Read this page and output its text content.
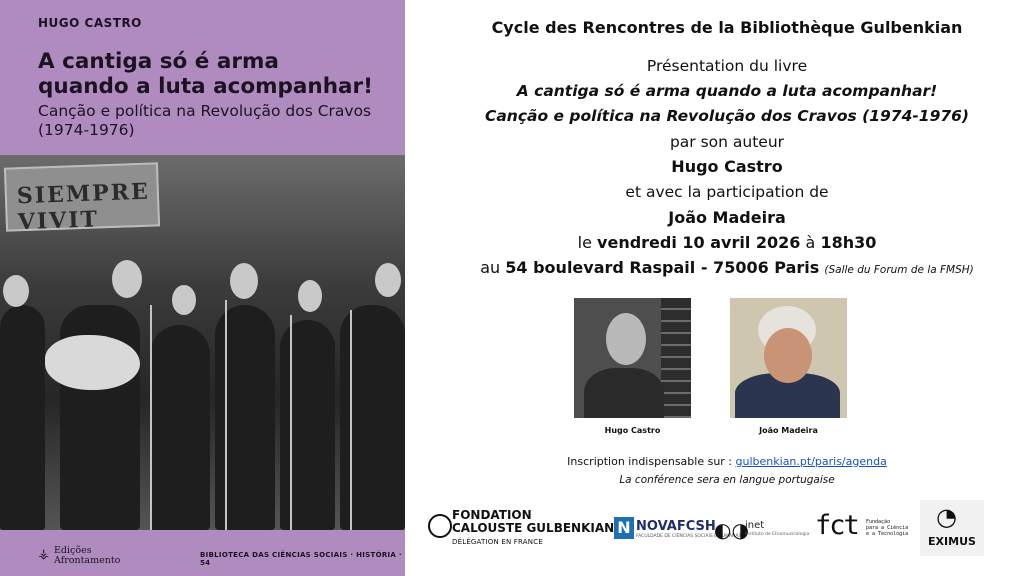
HUGO CASTRO
A cantiga só é arma
quando a luta acompanhar!
Canção e política na Revolução dos Cravos
(1974-1976)
SIEMPRE VIVIT
⚶ Edições
Afrontamento	BIBLIOTECA DAS CIÊNCIAS SOCIAIS · HISTÓRIA · 54
Cycle des Rencontres de la Bibliothèque Gulbenkian
Présentation du livre
A cantiga só é arma quando a luta acompanhar!
Canção e política na Revolução dos Cravos (1974-1976)
par son auteur
Hugo Castro
et avec la participation de
João Madeira
le vendredi 10 avril 2026 à 18h30
au 54 boulevard Raspail - 75006 Paris (Salle du Forum de la FMSH)
Hugo Castro	João Madeira
Inscription indispensable sur : gulbenkian.pt/paris/agenda
La conférence sera en langue portugaise
FONDATION
CALOUSTE GULBENKIAN
DÉLÉGATION EN FRANCE
N NOVAFCSH
FACULDADE DE CIÊNCIAS SOCIAIS E HUMANAS
◐◑
inet
Instituto de Etnomusicologia fct Fundação
para a Ciência
e a Tecnologia
◔
EXIMUS
